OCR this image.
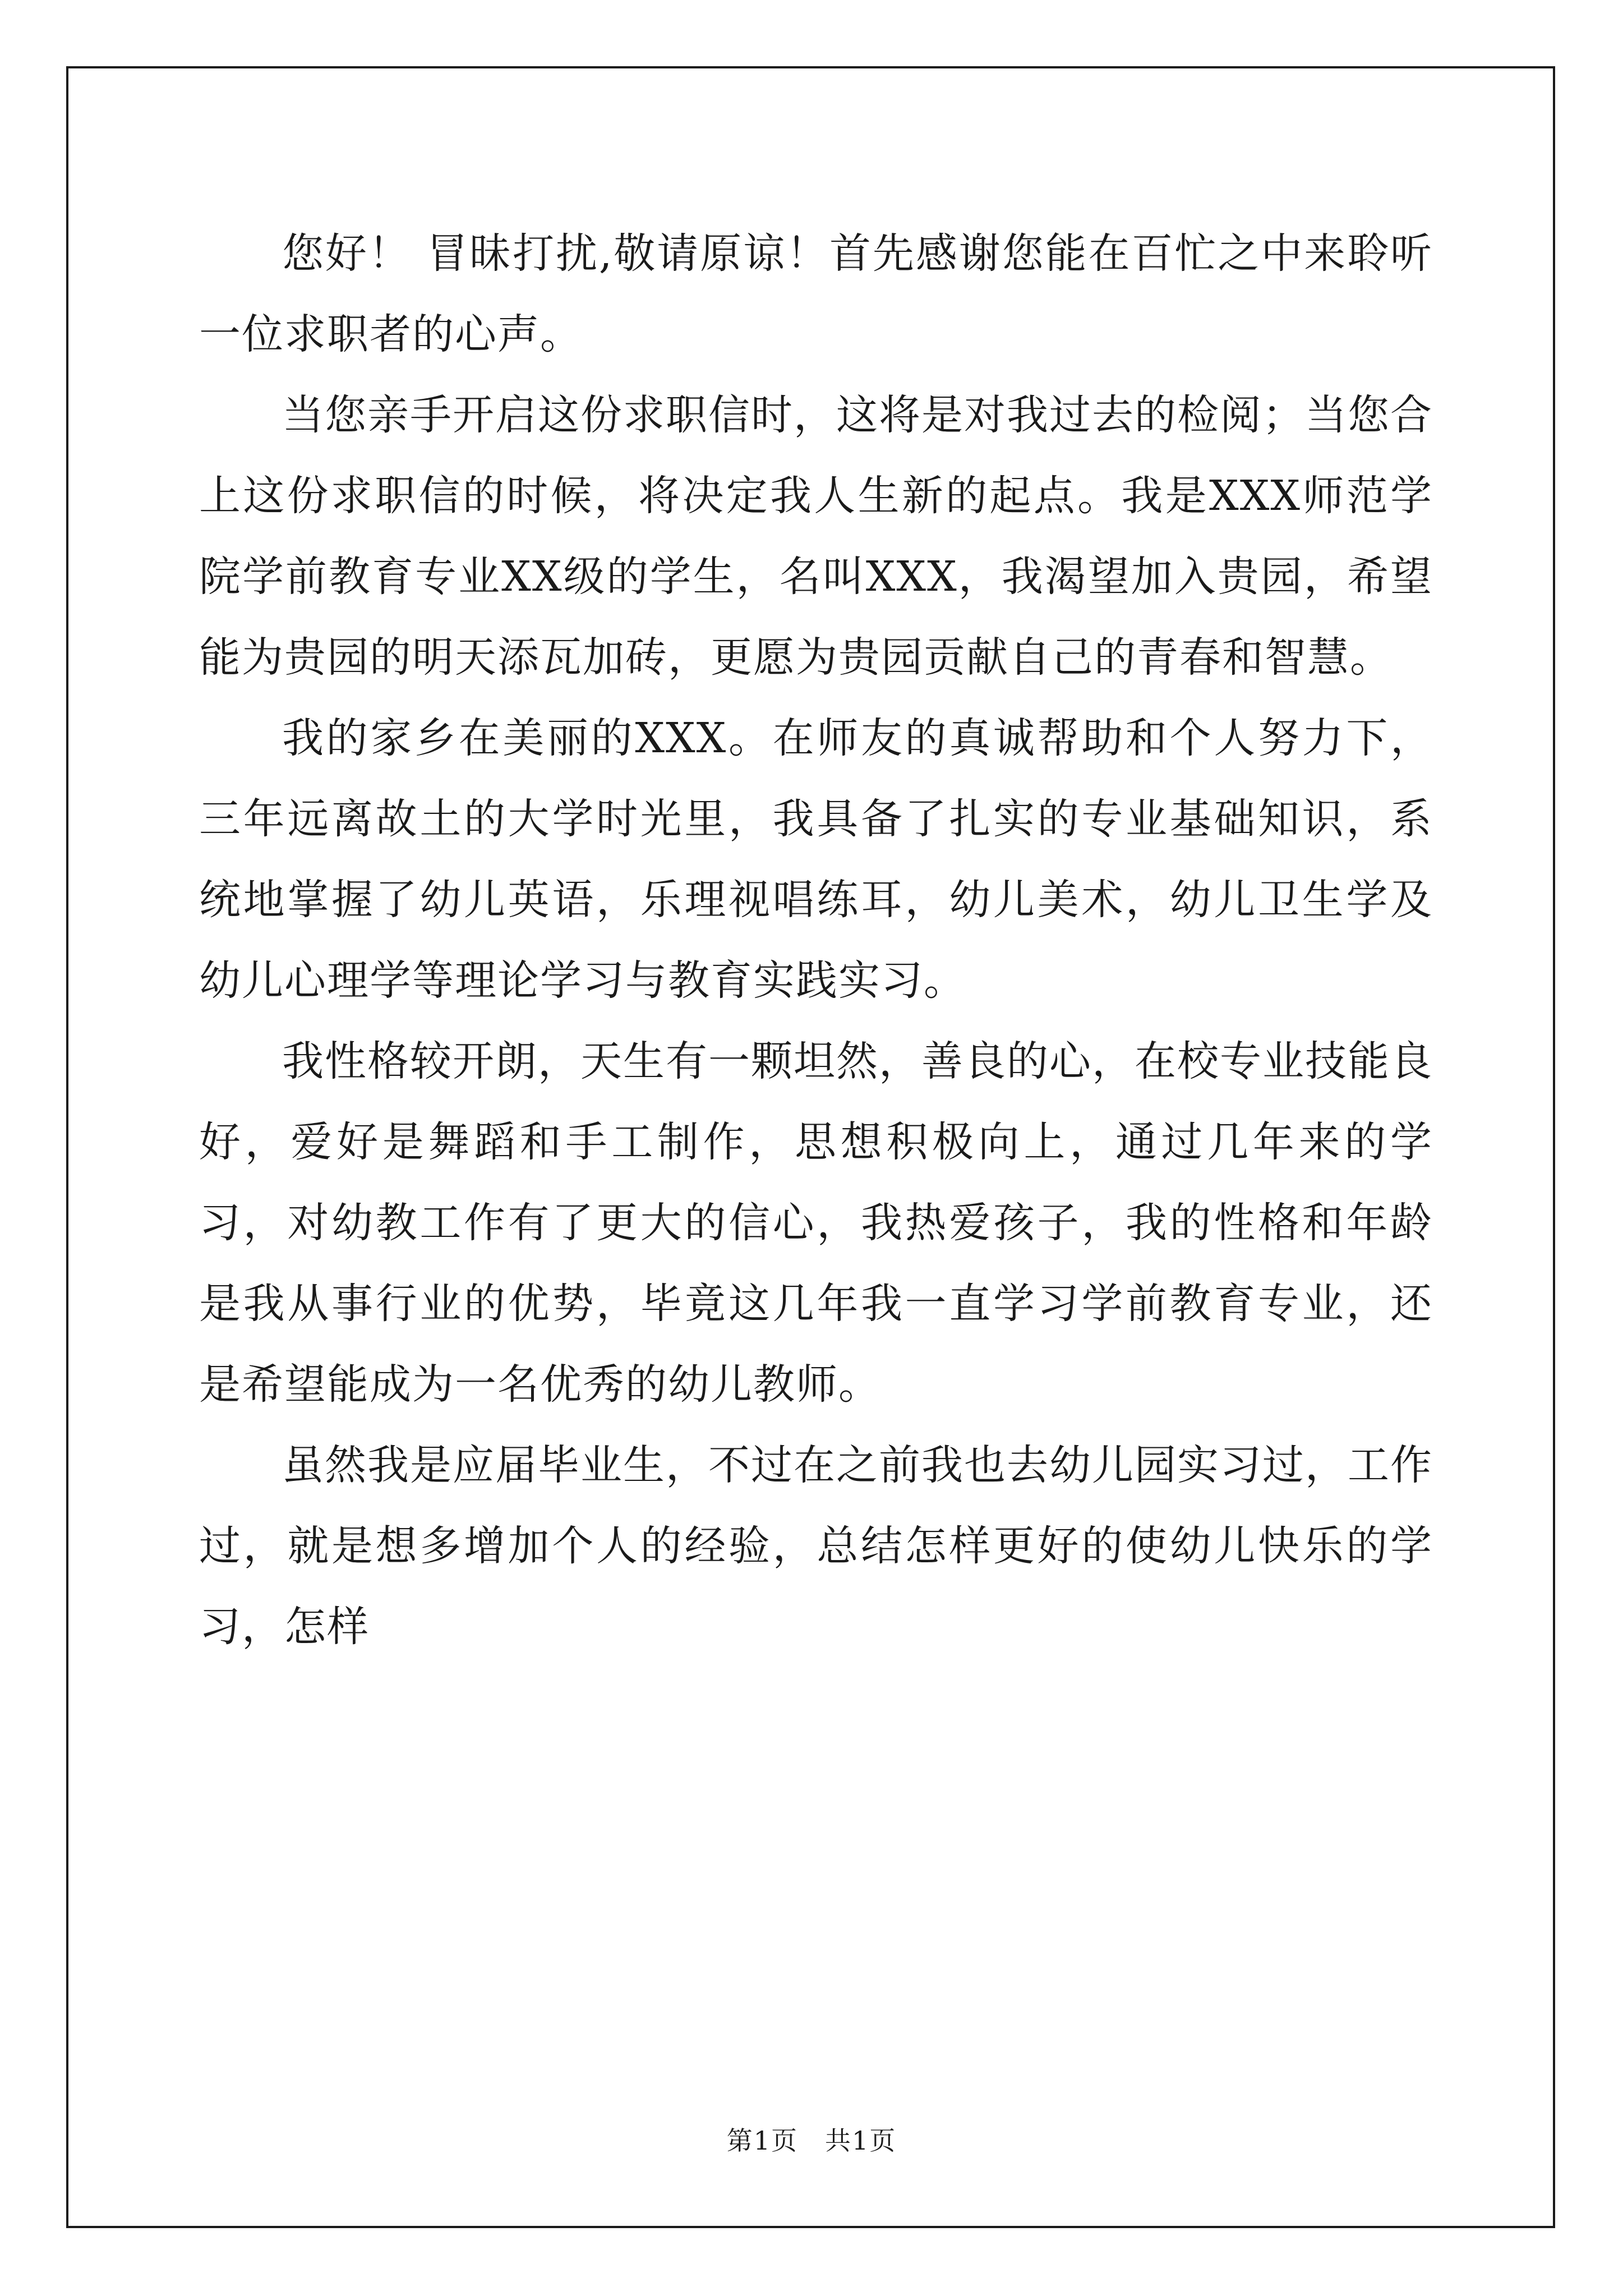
您好！ 冒昧打扰,敬请原谅！首先感谢您能在百忙之中来聆听一位求职者的心声。

当您亲手开启这份求职信时，这将是对我过去的检阅；当您合上这份求职信的时候，将决定我人生新的起点。我是XXX师范学院学前教育专业XX级的学生，名叫XXX，我渴望加入贵园，希望能为贵园的明天添瓦加砖，更愿为贵园贡献自己的青春和智慧。

我的家乡在美丽的XXX。在师友的真诚帮助和个人努力下，三年远离故土的大学时光里，我具备了扎实的专业基础知识，系统地掌握了幼儿英语，乐理视唱练耳，幼儿美术，幼儿卫生学及幼儿心理学等理论学习与教育实践实习。

我性格较开朗，天生有一颗坦然，善良的心，在校专业技能良好，爱好是舞蹈和手工制作，思想积极向上，通过几年来的学习，对幼教工作有了更大的信心，我热爱孩子，我的性格和年龄是我从事行业的优势，毕竟这几年我一直学习学前教育专业，还是希望能成为一名优秀的幼儿教师。

虽然我是应届毕业生，不过在之前我也去幼儿园实习过，工作过，就是想多增加个人的经验，总结怎样更好的使幼儿快乐的学习，怎样

第1页 共1页
